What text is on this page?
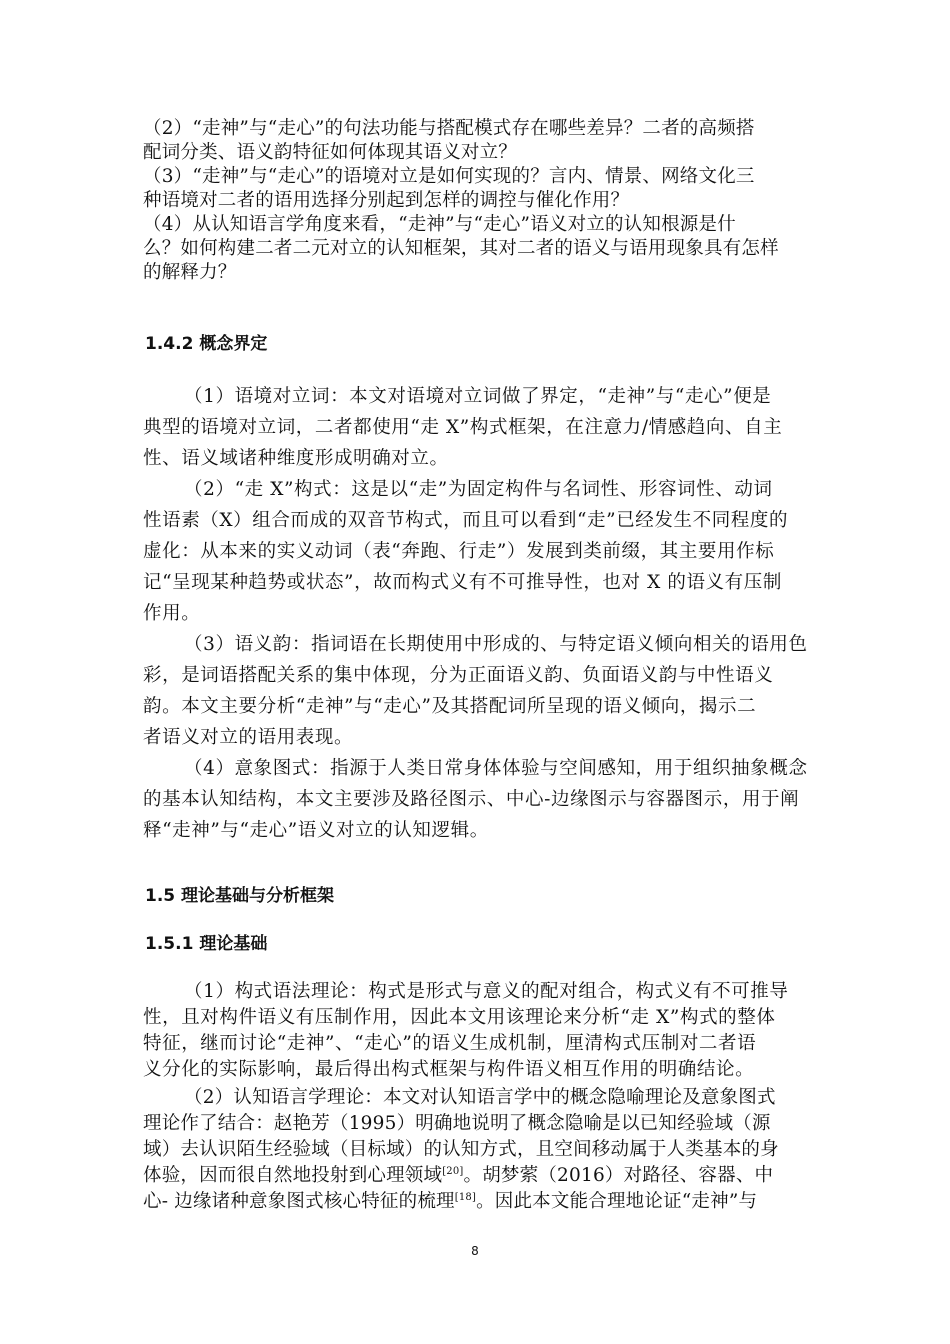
（2）“走神”与“走心”的句法功能与搭配模式存在哪些差异？二者的高频搭
配词分类、语义韵特征如何体现其语义对立？
（3）“走神”与“走心”的语境对立是如何实现的？言内、情景、网络文化三
种语境对二者的语用选择分别起到怎样的调控与催化作用？
（4）从认知语言学角度来看，“走神”与“走心”语义对立的认知根源是什
么？如何构建二者二元对立的认知框架，其对二者的语义与语用现象具有怎样
的解释力？
1.4.2 概念界定
（1）语境对立词：本文对语境对立词做了界定，“走神”与“走心”便是
典型的语境对立词，二者都使用“走 X”构式框架，在注意力/情感趋向、自主
性、语义域诸种维度形成明确对立。
（2）“走 X”构式：这是以“走”为固定构件与名词性、形容词性、动词
性语素（X）组合而成的双音节构式，而且可以看到“走”已经发生不同程度的
虚化：从本来的实义动词（表“奔跑、行走”）发展到类前缀，其主要用作标
记“呈现某种趋势或状态”，故而构式义有不可推导性，也对 X 的语义有压制
作用。
（3）语义韵：指词语在长期使用中形成的、与特定语义倾向相关的语用色
彩，是词语搭配关系的集中体现，分为正面语义韵、负面语义韵与中性语义
韵。本文主要分析“走神”与“走心”及其搭配词所呈现的语义倾向，揭示二
者语义对立的语用表现。
（4）意象图式：指源于人类日常身体体验与空间感知，用于组织抽象概念
的基本认知结构，本文主要涉及路径图示、中心-边缘图示与容器图示，用于阐
释“走神”与“走心”语义对立的认知逻辑。
1.5 理论基础与分析框架
1.5.1 理论基础
（1）构式语法理论：构式是形式与意义的配对组合，构式义有不可推导
性，且对构件语义有压制作用，因此本文用该理论来分析“走 X”构式的整体
特征，继而讨论“走神”、“走心”的语义生成机制，厘清构式压制对二者语
义分化的实际影响，最后得出构式框架与构件语义相互作用的明确结论。
（2）认知语言学理论：本文对认知语言学中的概念隐喻理论及意象图式
理论作了结合：赵艳芳（1995）明确地说明了概念隐喻是以已知经验域（源
域）去认识陌生经验域（目标域）的认知方式，且空间移动属于人类基本的身
体验，因而很自然地投射到心理领域[20]。胡梦萦（2016）对路径、容器、中
心- 边缘诸种意象图式核心特征的梳理[18]。因此本文能合理地论证“走神”与
8
